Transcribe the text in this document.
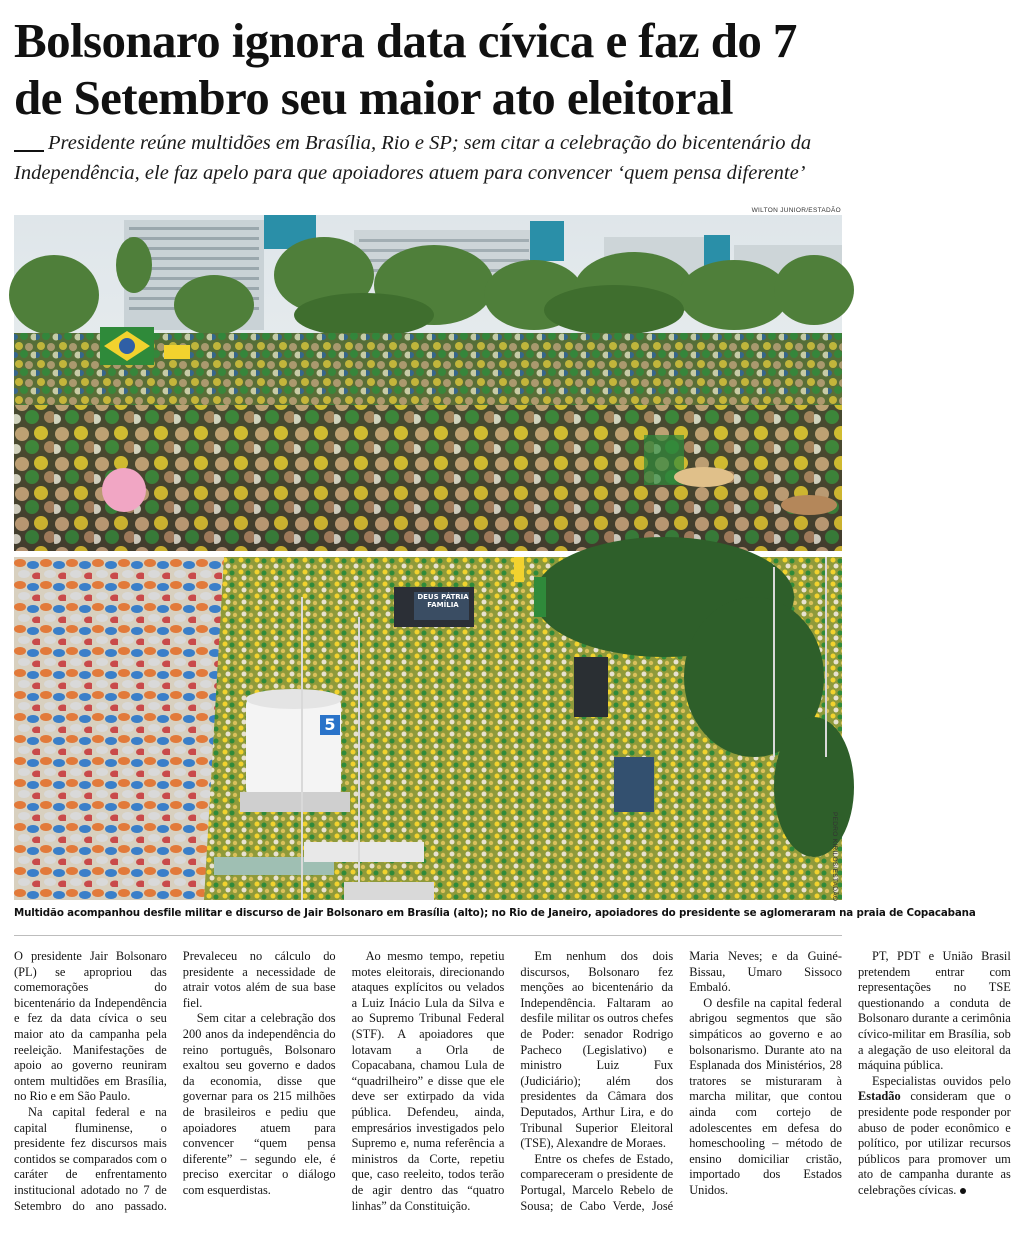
Bolsonaro ignora data cívica e faz do 7 de Setembro seu maior ato eleitoral

Presidente reúne multidões em Brasília, Rio e SP; sem citar a celebração do bicentenário da Independência, ele faz apelo para que apoiadores atuem para convencer ‘quem pensa diferente’

WILTON JUNIOR/ESTADÃO
DEUS PÁTRIA FAMÍLIA
5
PEDRO KIRILOS/ESTADÃO

Multidão acompanhou desfile militar e discurso de Jair Bolsonaro em Brasília (alto); no Rio de Janeiro, apoiadores do presidente se aglomeraram na praia de Copacabana

O presidente Jair Bolsonaro (PL) se apropriou das comemorações do bicentenário da Independência e fez da data cívica o seu maior ato da campanha pela reeleição. Manifestações de apoio ao governo reuniram ontem multidões em Brasília, no Rio e em São Paulo.

Na capital federal e na capital fluminense, o presidente fez discursos mais contidos se comparados com o caráter de enfrentamento institucional adotado no 7 de Setembro do ano passado. Prevaleceu no cálculo do presidente a necessidade de atrair votos além de sua base fiel.

Sem citar a celebração dos 200 anos da independência do reino português, Bolsonaro exaltou seu governo e dados da economia, disse que governar para os 215 milhões de brasileiros e pediu que apoiadores atuem para convencer “quem pensa diferente” – segundo ele, é preciso exercitar o diálogo com esquerdistas.

Ao mesmo tempo, repetiu motes eleitorais, direcionando ataques explícitos ou velados a Luiz Inácio Lula da Silva e ao Supremo Tribunal Federal (STF). A apoiadores que lotavam a Orla de Copacabana, chamou Lula de “quadrilheiro” e disse que ele deve ser extirpado da vida pública. Defendeu, ainda, empresários investigados pelo Supremo e, numa referência a ministros da Corte, repetiu que, caso reeleito, todos terão de agir dentro das “quatro linhas” da Constituição.

Em nenhum dos dois discursos, Bolsonaro fez menções ao bicentenário da Independência. Faltaram ao desfile militar os outros chefes de Poder: senador Rodrigo Pacheco (Legislativo) e ministro Luiz Fux (Judiciário); além dos presidentes da Câmara dos Deputados, Arthur Lira, e do Tribunal Superior Eleitoral (TSE), Alexandre de Moraes.

Entre os chefes de Estado, compareceram o presidente de Portugal, Marcelo Rebelo de Sousa; de Cabo Verde, José Maria Neves; e da Guiné-Bissau, Umaro Sissoco Embaló.

O desfile na capital federal abrigou segmentos que são simpáticos ao governo e ao bolsonarismo. Durante ato na Esplanada dos Ministérios, 28 tratores se misturaram à marcha militar, que contou ainda com cortejo de adolescentes em defesa do homeschooling – método de ensino domiciliar cristão, importado dos Estados Unidos.

PT, PDT e União Brasil pretendem entrar com representações no TSE questionando a conduta de Bolsonaro durante a cerimônia cívico-militar em Brasília, sob a alegação de uso eleitoral da máquina pública.

Especialistas ouvidos pelo Estadão consideram que o presidente pode responder por abuso de poder econômico e político, por utilizar recursos públicos para promover um ato de campanha durante as celebrações cívicas.
